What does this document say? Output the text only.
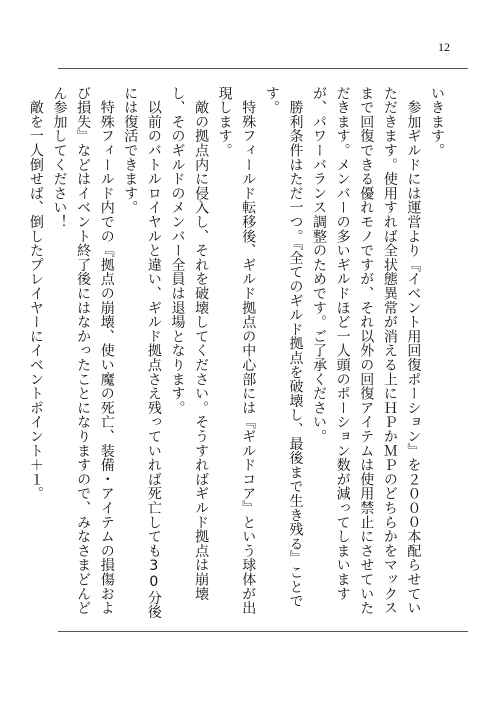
12

いきます。

　参加ギルドには運営より『イベント用回復ポーション』を２０００本配らせていただきます。使用すれば全状態異常が消える上にＨＰかＭＰのどちらかをマックスまで回復できる優れモノですが、それ以外の回復アイテムは使用禁止にさせていただきます。メンバーの多いギルドほど一人頭のポーション数が減ってしまいますが、パワーバランス調整のためです。ご了承ください。

　勝利条件はただ一つ。『全てのギルド拠点を破壊し、最後まで生き残る』ことです。

　特殊フィールド転移後、ギルド拠点の中心部には『ギルドコア』という球体が出現します。

　敵の拠点内に侵入し、それを破壊してください。そうすればギルド拠点は崩壊し、そのギルドのメンバー全員は退場となります。

　以前のバトルロイヤルと違い、ギルド拠点さえ残っていれば死亡しても30分後には復活できます。

　特殊フィールド内での『拠点の崩壊、使い魔の死亡、装備・アイテムの損傷および損失』などはイベント終了後にはなかったことになりますので、みなさまどんどん参加してください！

　敵を一人倒せば、倒したプレイヤーにイベントポイント＋１。
